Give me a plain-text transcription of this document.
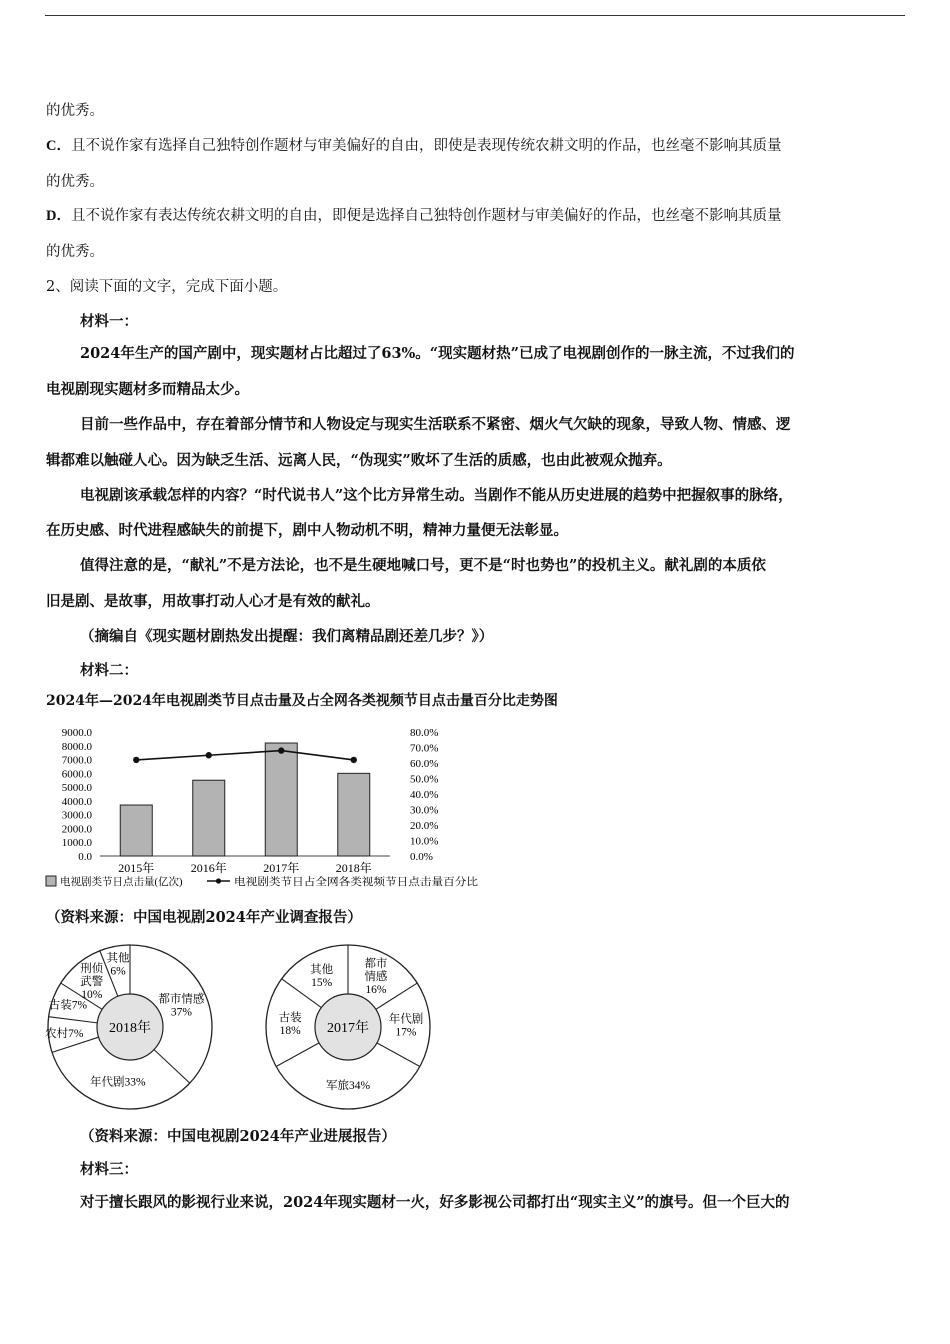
的优秀。
C．且不说作家有选择自己独特创作题材与审美偏好的自由，即使是表现传统农耕文明的作品，也丝毫不影响其质量
的优秀。
D．且不说作家有表达传统农耕文明的自由，即便是选择自己独特创作题材与审美偏好的作品，也丝毫不影响其质量
的优秀。
2、阅读下面的文字，完成下面小题。
材料一：
2024年生产的国产剧中，现实题材占比超过了63%。“现实题材热”已成了电视剧创作的一脉主流，不过我们的
电视剧现实题材多而精品太少。
目前一些作品中，存在着部分情节和人物设定与现实生活联系不紧密、烟火气欠缺的现象，导致人物、情感、逻
辑都难以触碰人心。因为缺乏生活、远离人民，“伪现实”败坏了生活的质感，也由此被观众抛弃。
电视剧该承载怎样的内容？“时代说书人”这个比方异常生动。当剧作不能从历史进展的趋势中把握叙事的脉络，
在历史感、时代进程感缺失的前提下，剧中人物动机不明，精神力量便无法彰显。
值得注意的是，“献礼”不是方法论，也不是生硬地喊口号，更不是“时也势也”的投机主义。献礼剧的本质依
旧是剧、是故事，用故事打动人心才是有效的献礼。
（摘编自《现实题材剧热发出提醒：我们离精品剧还差几步？》）
材料二：
2024年—2024年电视剧类节目点击量及占全网各类视频节目点击量百分比走势图
9000.0
8000.0
7000.0
6000.0
5000.0
4000.0
3000.0
2000.0
1000.0
0.0
80.0%
70.0%
60.0%
50.0%
40.0%
30.0%
20.0%
10.0%
0.0%
2015年	2016年	2017年	2018年
电视剧类节日点击量(亿次)	电视剧类节日占全网各类视频节日点击量百分比
（资料来源：中国电视剧2024年产业调查报告）
都市情感
37%
年代剧33%
农村7%
古装7%
刑侦
武警
10%
其他
6%
2018年
都市
情感
16%
年代剧
17%
军旅34%
古装
18%
其他
15%
2017年
（资料来源：中国电视剧2024年产业进展报告）
材料三：
对于擅长跟风的影视行业来说，2024年现实题材一火，好多影视公司都打出“现实主义”的旗号。但一个巨大的
